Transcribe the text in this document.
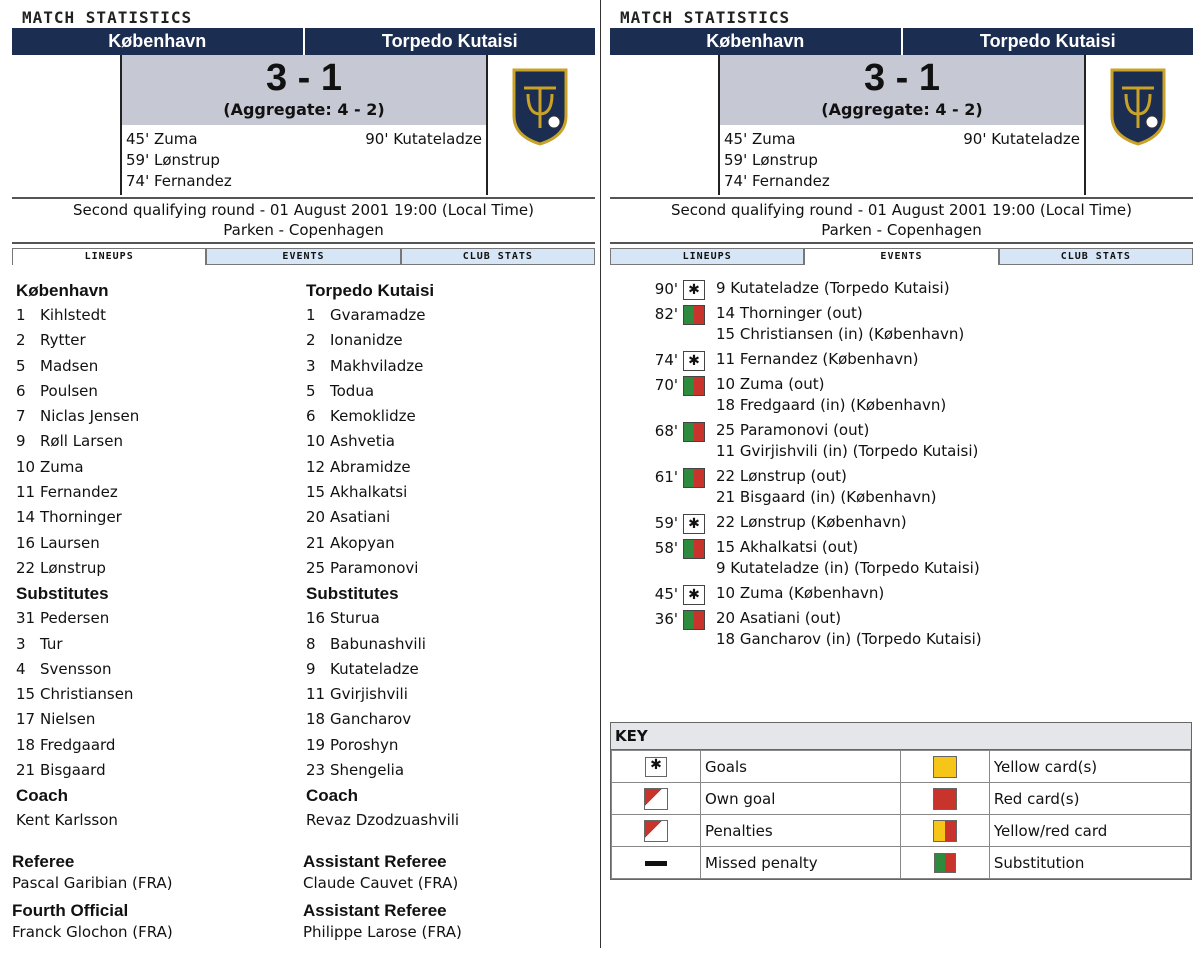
MATCH STATISTICS
København	Torpedo Kutaisi
3 - 1
(Aggregate: 4 - 2)
45' Zuma
59' Lønstrup
74' Fernandez
90' Kutateladze
Second qualifying round - 01 August 2001 19:00 (Local Time)
Parken - Copenhagen
LINEUPS	EVENTS	CLUB STATS
København
1 Kihlstedt
2 Rytter
5 Madsen
6 Poulsen
7 Niclas Jensen
9 Røll Larsen
10 Zuma
11 Fernandez
14 Thorninger
16 Laursen
22 Lønstrup
Substitutes
31 Pedersen
3 Tur
4 Svensson
15 Christiansen
17 Nielsen
18 Fredgaard
21 Bisgaard
Coach
Kent Karlsson
Torpedo Kutaisi
1 Gvaramadze
2 Ionanidze
3 Makhviladze
5 Todua
6 Kemoklidze
10 Ashvetia
12 Abramidze
15 Akhalkatsi
20 Asatiani
21 Akopyan
25 Paramonovi
Substitutes
16 Sturua
8 Babunashvili
9 Kutateladze
11 Gvirjishvili
18 Gancharov
19 Poroshyn
23 Shengelia
Coach
Revaz Dzodzuashvili
Referee
Pascal Garibian (FRA)
Assistant Referee
Claude Cauvet (FRA)
Fourth Official
Franck Glochon (FRA)
Assistant Referee
Philippe Larose (FRA)
MATCH STATISTICS
København	Torpedo Kutaisi
3 - 1
(Aggregate: 4 - 2)
45' Zuma
59' Lønstrup
74' Fernandez
90' Kutateladze
Second qualifying round - 01 August 2001 19:00 (Local Time)
Parken - Copenhagen
LINEUPS	EVENTS	CLUB STATS
90' ✱	9 Kutateladze (Torpedo Kutaisi)
82'	14 Thorninger (out)
15 Christiansen (in) (København)
74' ✱	11 Fernandez (København)
70'	10 Zuma (out)
18 Fredgaard (in) (København)
68'	25 Paramonovi (out)
11 Gvirjishvili (in) (Torpedo Kutaisi)
61'	22 Lønstrup (out)
21 Bisgaard (in) (København)
59' ✱	22 Lønstrup (København)
58'	15 Akhalkatsi (out)
9 Kutateladze (in) (Torpedo Kutaisi)
45' ✱	10 Zuma (København)
36'	20 Asatiani (out)
18 Gancharov (in) (Torpedo Kutaisi)
KEY
✱	Goals		Yellow card(s)
	Own goal		Red card(s)
	Penalties		Yellow/red card
	Missed penalty		Substitution
